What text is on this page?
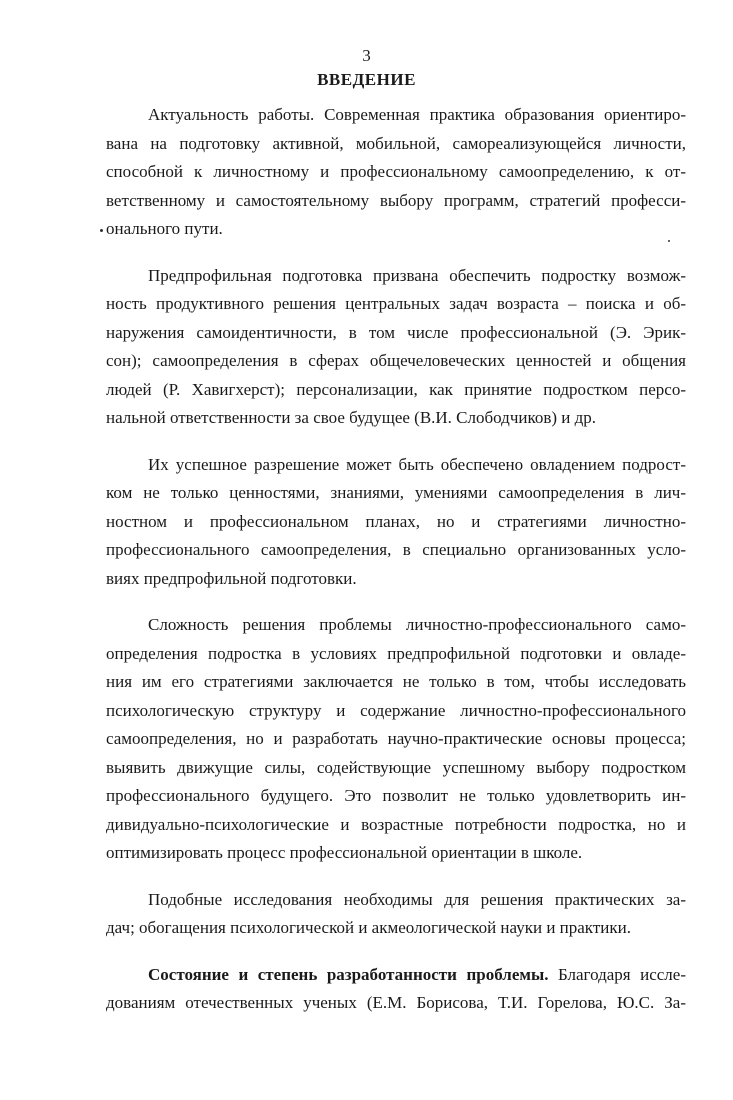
3
ВВЕДЕНИЕ
Актуальность работы. Современная практика образования ориентиро-
вана на подготовку активной, мобильной, самореализующейся личности,
способной к личностному и профессиональному самоопределению, к от-
ветственному и самостоятельному выбору программ, стратегий професси-
онального пути.
Предпрофильная подготовка призвана обеспечить подростку возмож-
ность продуктивного решения центральных задач возраста – поиска и об-
наружения самоидентичности, в том числе профессиональной (Э. Эрик-
сон); самоопределения в сферах общечеловеческих ценностей и общения
людей (Р. Хавигхерст); персонализации, как принятие подростком персо-
нальной ответственности за свое будущее (В.И. Слободчиков) и др.
Их успешное разрешение может быть обеспечено овладением подрост-
ком не только ценностями, знаниями, умениями самоопределения в лич-
ностном и профессиональном планах, но и стратегиями личностно-
профессионального самоопределения, в специально организованных усло-
виях предпрофильной подготовки.
Сложность решения проблемы личностно-профессионального само-
определения подростка в условиях предпрофильной подготовки и овладе-
ния им его стратегиями заключается не только в том, чтобы исследовать
психологическую структуру и содержание личностно-профессионального
самоопределения, но и разработать научно-практические основы процесса;
выявить движущие силы, содействующие успешному выбору подростком
профессионального будущего. Это позволит не только удовлетворить ин-
дивидуально-психологические и возрастные потребности подростка, но и
оптимизировать процесс профессиональной ориентации в школе.
Подобные исследования необходимы для решения практических за-
дач; обогащения психологической и акмеологической науки и практики.
Состояние и степень разработанности проблемы. Благодаря иссле-
дованиям отечественных ученых (Е.М. Борисова, Т.И. Горелова, Ю.С. За-
